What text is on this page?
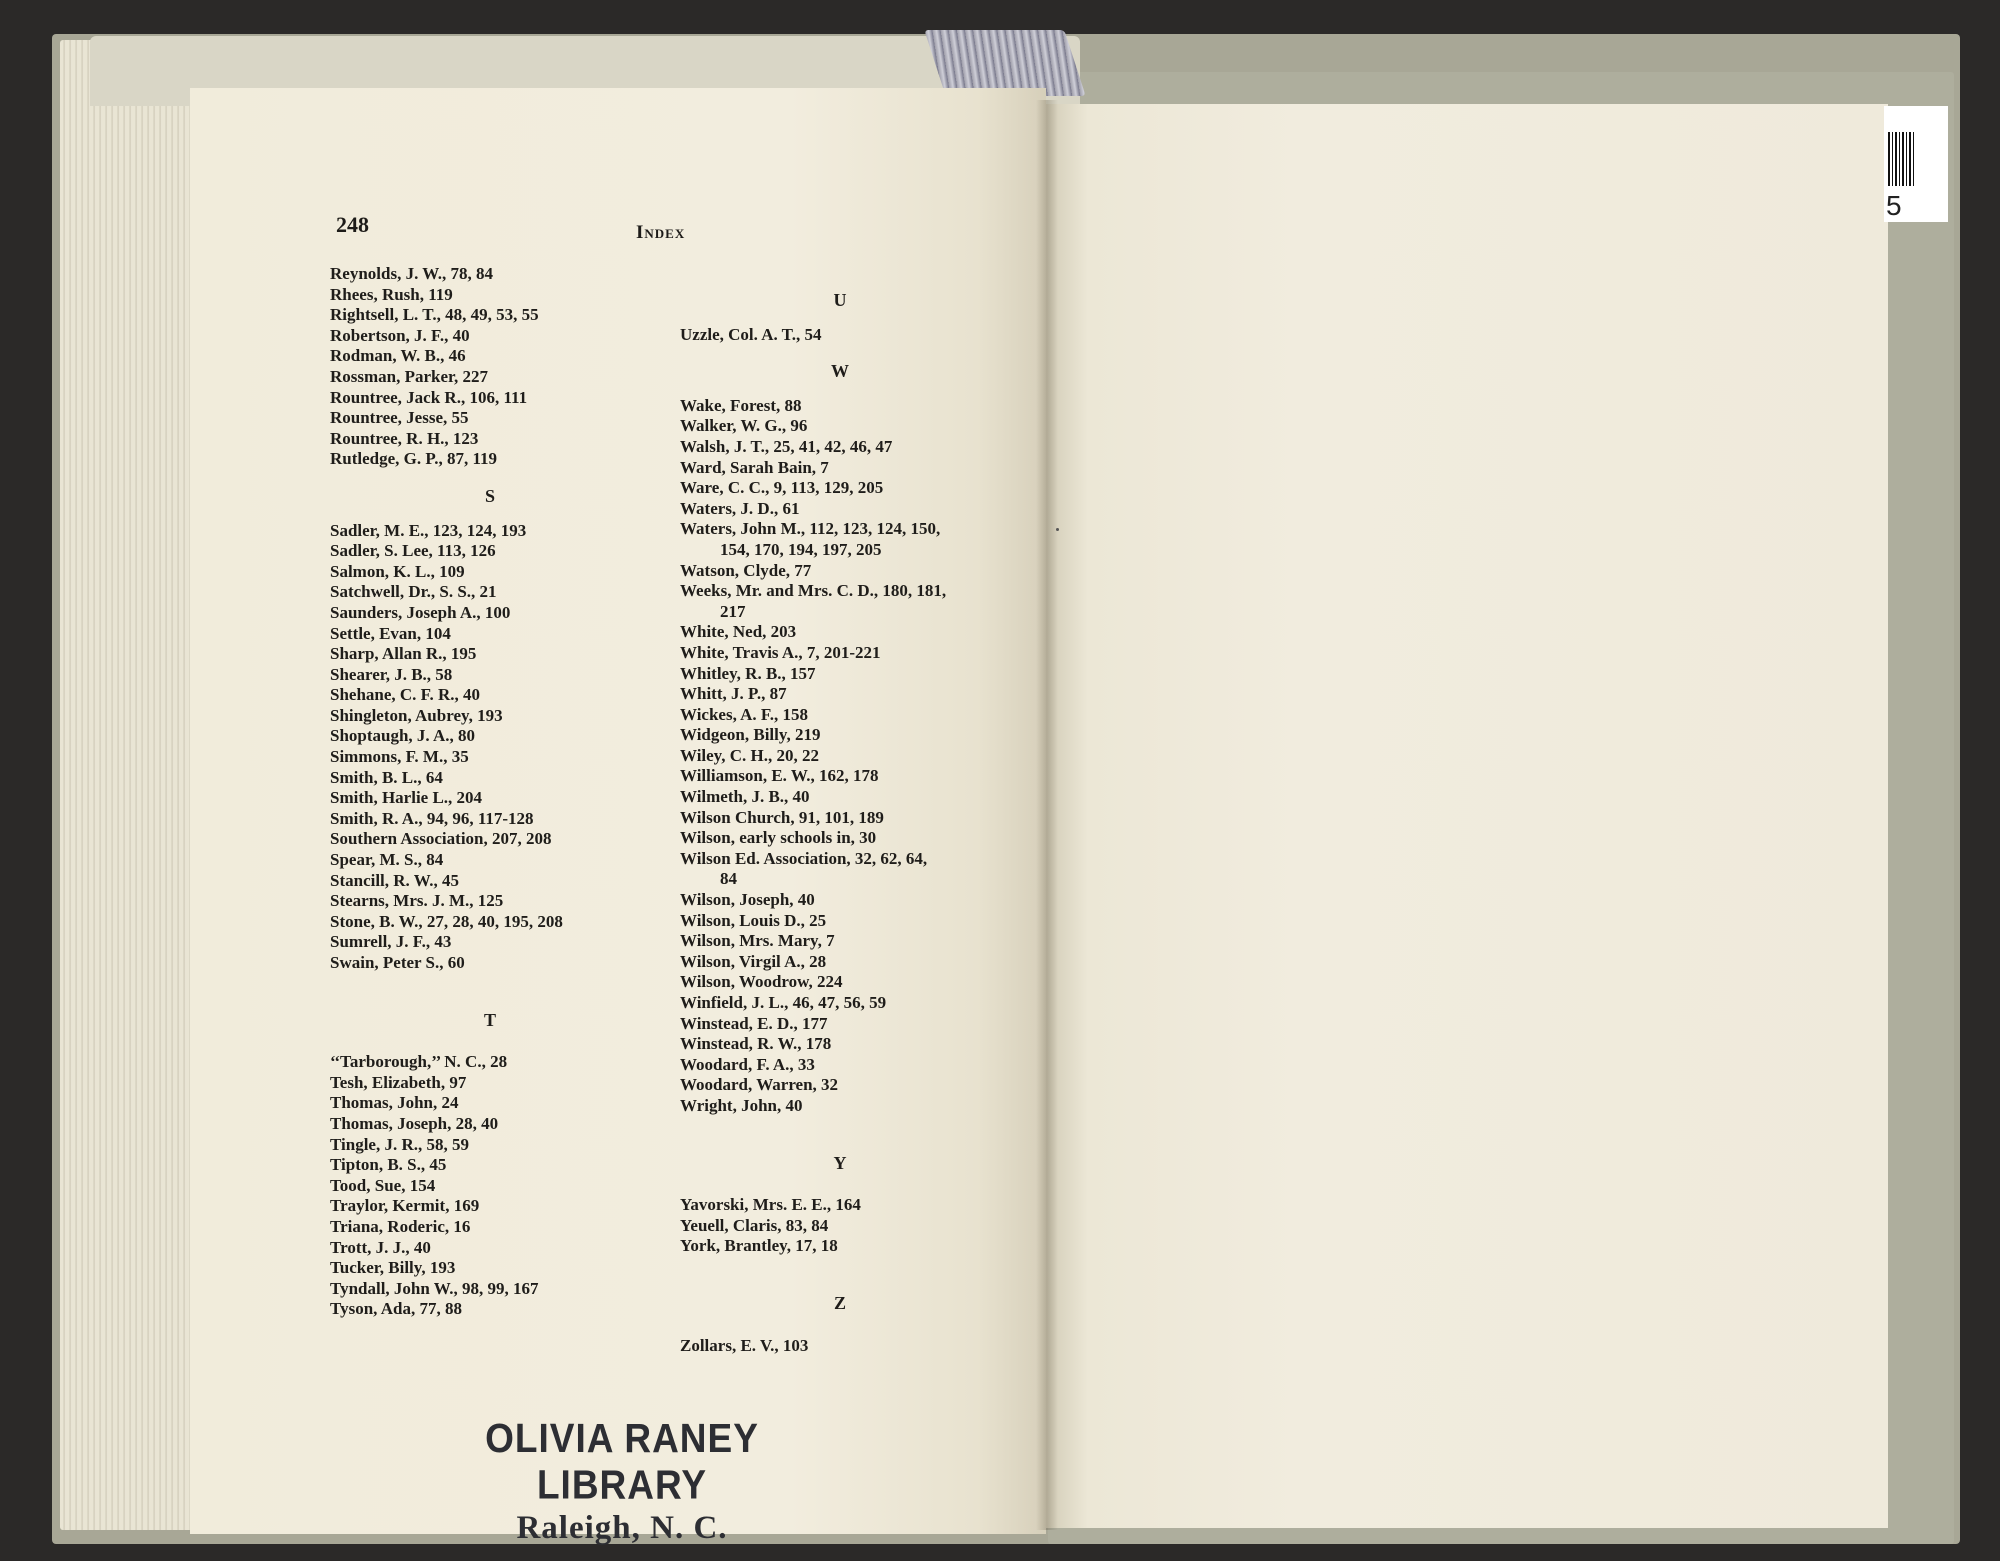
5
248	Index
Reynolds, J. W., 78, 84
Rhees, Rush, 119
Rightsell, L. T., 48, 49, 53, 55
Robertson, J. F., 40
Rodman, W. B., 46
Rossman, Parker, 227
Rountree, Jack R., 106, 111
Rountree, Jesse, 55
Rountree, R. H., 123
Rutledge, G. P., 87, 119
S
Sadler, M. E., 123, 124, 193
Sadler, S. Lee, 113, 126
Salmon, K. L., 109
Satchwell, Dr., S. S., 21
Saunders, Joseph A., 100
Settle, Evan, 104
Sharp, Allan R., 195
Shearer, J. B., 58
Shehane, C. F. R., 40
Shingleton, Aubrey, 193
Shoptaugh, J. A., 80
Simmons, F. M., 35
Smith, B. L., 64
Smith, Harlie L., 204
Smith, R. A., 94, 96, 117-128
Southern Association, 207, 208
Spear, M. S., 84
Stancill, R. W., 45
Stearns, Mrs. J. M., 125
Stone, B. W., 27, 28, 40, 195, 208
Sumrell, J. F., 43
Swain, Peter S., 60
T
‘‘Tarborough,’’ N. C., 28
Tesh, Elizabeth, 97
Thomas, John, 24
Thomas, Joseph, 28, 40
Tingle, J. R., 58, 59
Tipton, B. S., 45
Tood, Sue, 154
Traylor, Kermit, 169
Triana, Roderic, 16
Trott, J. J., 40
Tucker, Billy, 193
Tyndall, John W., 98, 99, 167
Tyson, Ada, 77, 88
U
Uzzle, Col. A. T., 54
W
Wake, Forest, 88
Walker, W. G., 96
Walsh, J. T., 25, 41, 42, 46, 47
Ward, Sarah Bain, 7
Ware, C. C., 9, 113, 129, 205
Waters, J. D., 61
Waters, John M., 112, 123, 124, 150,
154, 170, 194, 197, 205
Watson, Clyde, 77
Weeks, Mr. and Mrs. C. D., 180, 181,
217
White, Ned, 203
White, Travis A., 7, 201-221
Whitley, R. B., 157
Whitt, J. P., 87
Wickes, A. F., 158
Widgeon, Billy, 219
Wiley, C. H., 20, 22
Williamson, E. W., 162, 178
Wilmeth, J. B., 40
Wilson Church, 91, 101, 189
Wilson, early schools in, 30
Wilson Ed. Association, 32, 62, 64,
84
Wilson, Joseph, 40
Wilson, Louis D., 25
Wilson, Mrs. Mary, 7
Wilson, Virgil A., 28
Wilson, Woodrow, 224
Winfield, J. L., 46, 47, 56, 59
Winstead, E. D., 177
Winstead, R. W., 178
Woodard, F. A., 33
Woodard, Warren, 32
Wright, John, 40
Y
Yavorski, Mrs. E. E., 164
Yeuell, Claris, 83, 84
York, Brantley, 17, 18
Z
Zollars, E. V., 103
OLIVIA RANEY LIBRARY
Raleigh, N. C.
